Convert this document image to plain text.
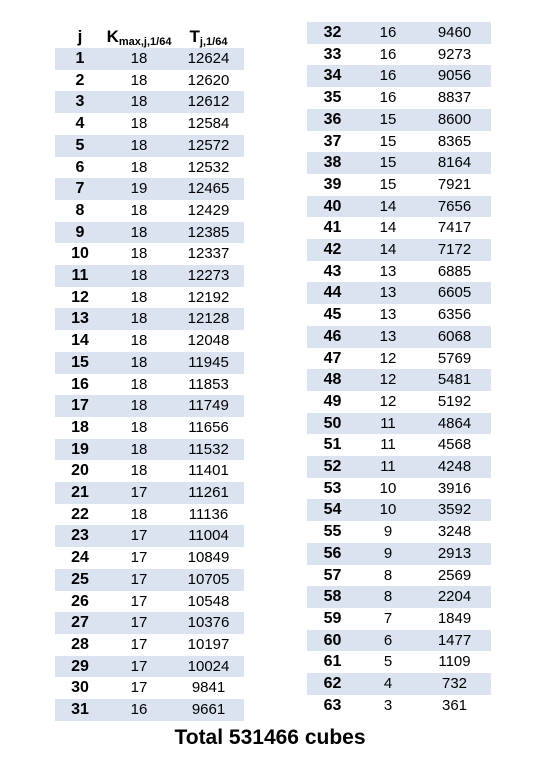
j	$K_{max,j,1/64}$	$T_{j,1/64}$
1	18	12624
2	18	12620
3	18	12612
4	18	12584
5	18	12572
6	18	12532
7	19	12465
8	18	12429
9	18	12385
10	18	12337
11	18	12273
12	18	12192
13	18	12128
14	18	12048
15	18	11945
16	18	11853
17	18	11749
18	18	11656
19	18	11532
20	18	11401
21	17	11261
22	18	11136
23	17	11004
24	17	10849
25	17	10705
26	17	10548
27	17	10376
28	17	10197
29	17	10024
30	17	9841
31	16	9661
32	16	9460
33	16	9273
34	16	9056
35	16	8837
36	15	8600
37	15	8365
38	15	8164
39	15	7921
40	14	7656
41	14	7417
42	14	7172
43	13	6885
44	13	6605
45	13	6356
46	13	6068
47	12	5769
48	12	5481
49	12	5192
50	11	4864
51	11	4568
52	11	4248
53	10	3916
54	10	3592
55	9	3248
56	9	2913
57	8	2569
58	8	2204
59	7	1849
60	6	1477
61	5	1109
62	4	732
63	3	361
Total 531466 cubes
